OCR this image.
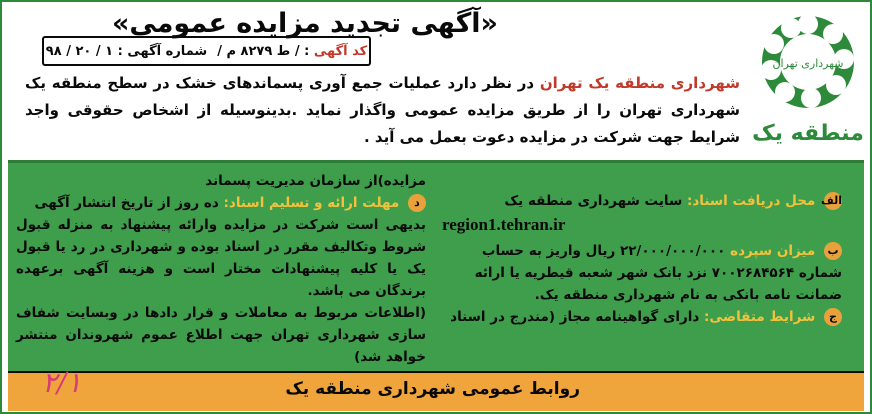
شهرداری تهران
منطقه یک
«آگهی تجدید مزایده عمومی»
کد آگهی : / ط ۸۲۷۹ م /
شماره آگهی : ۱ / ۲۰ / ۹۸
شهرداری منطقه یک تهران در نظر دارد عملیات جمع آوری پسماندهای خشک در سطح منطقه یک شهرداری تهران را از طریق مزایده عمومی واگذار نماید .بدینوسیله از اشخاص حقوقی واجد شرایط جهت شرکت در مزایده دعوت بعمل می آید .

الف محل دریافت اسناد: سایت شهرداری منطقه یک
region1.tehran.ir

ب میزان سپرده ۲۲/۰۰۰/۰۰۰/۰۰۰ ریال واریز به حساب شماره ۷۰۰۲۶۸۴۵۶۴ نزد بانک شهر شعبه قیطریه یا ارائه ضمانت نامه بانکی به نام شهرداری منطقه یک.

ج شرایط متقاضی: دارای گواهینامه مجاز (مندرج در اسناد

مزایده)از سازمان مدیریت پسماند

د مهلت ارائه و تسلیم اسناد: ده روز از تاریخ انتشار آگهی

بدیهی است شرکت در مزایده وارائه پیشنهاد به منزله قبول شروط وتکالیف مقرر در اسناد بوده و شهرداری در رد یا قبول یک یا کلیه پیشنهادات مختار است و هزینه آگهی برعهده برندگان می باشد.

(اطلاعات مربوط به معاملات و قرار دادها در وبسایت شفاف سازی شهرداری تهران جهت اطلاع عموم شهروندان منتشر خواهد شد)

روابط عمومی شهرداری منطقه یک
۲/۱
